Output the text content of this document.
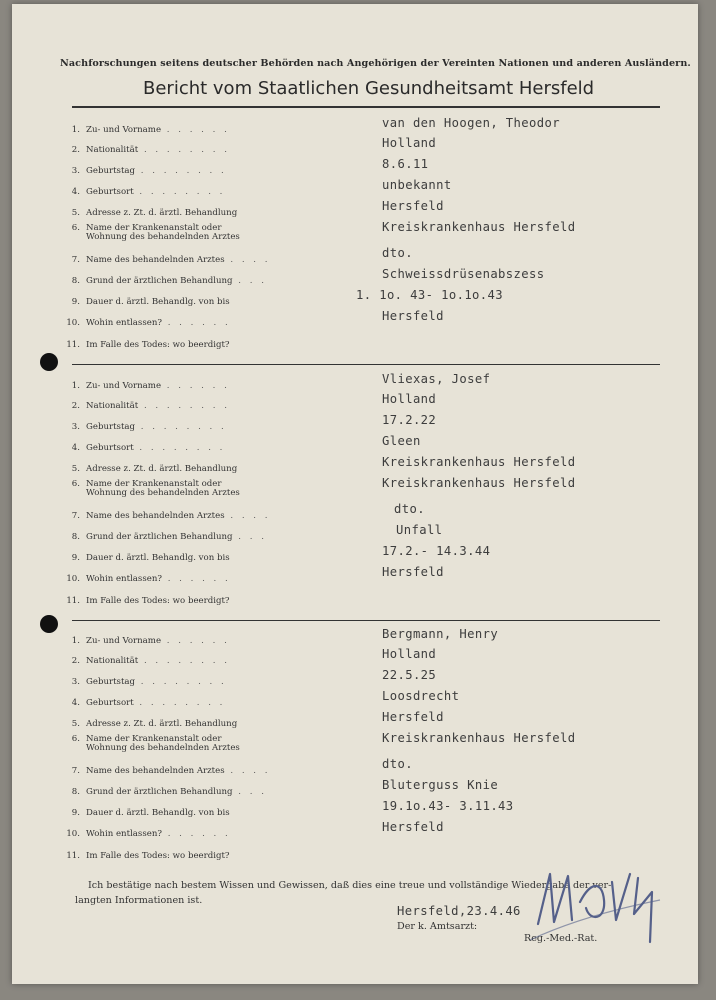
Nachforschungen seitens deutscher Behörden nach Angehörigen der Vereinten Nationen und anderen Ausländern.
Bericht vom Staatlichen Gesundheitsamt Hersfeld
1. Zu- und Vorname . . . . . .	van den Hoogen, Theodor
2. Nationalität . . . . . . . .	Holland
3. Geburtstag . . . . . . . .	8.6.11
4. Geburtsort . . . . . . . .	unbekannt
5. Adresse z. Zt. d. ärztl. Behandlung	Hersfeld
6. Name der Krankenanstalt oder
Wohnung des behandelnden Arztes
Kreiskrankenhaus Hersfeld
7. Name des behandelnden Arztes . . . .	dto.
8. Grund der ärztlichen Behandlung . . .	Schweissdrüsenabszess
9. Dauer d. ärztl. Behandlg. von bis	1. 1o. 43- 1o.1o.43
10. Wohin entlassen? . . . . . .	Hersfeld
11. Im Falle des Todes: wo beerdigt?
1. Zu- und Vorname . . . . . .	Vliexas, Josef
2. Nationalität . . . . . . . .	Holland
3. Geburtstag . . . . . . . .	17.2.22
4. Geburtsort . . . . . . . .	Gleen
5. Adresse z. Zt. d. ärztl. Behandlung	Kreiskrankenhaus Hersfeld
6. Name der Krankenanstalt oder
Wohnung des behandelnden Arztes
Kreiskrankenhaus Hersfeld
7. Name des behandelnden Arztes . . . .	dto.
8. Grund der ärztlichen Behandlung . . .	Unfall
9. Dauer d. ärztl. Behandlg. von bis	17.2.- 14.3.44
10. Wohin entlassen? . . . . . .	Hersfeld
11. Im Falle des Todes: wo beerdigt?
1. Zu- und Vorname . . . . . .	Bergmann, Henry
2. Nationalität . . . . . . . .	Holland
3. Geburtstag . . . . . . . .	22.5.25
4. Geburtsort . . . . . . . .	Loosdrecht
5. Adresse z. Zt. d. ärztl. Behandlung	Hersfeld
6. Name der Krankenanstalt oder
Wohnung des behandelnden Arztes
Kreiskrankenhaus Hersfeld
7. Name des behandelnden Arztes . . . .	dto.
8. Grund der ärztlichen Behandlung . . .	Bluterguss Knie
9. Dauer d. ärztl. Behandlg. von bis	19.1o.43- 3.11.43
10. Wohin entlassen? . . . . . .	Hersfeld
11. Im Falle des Todes: wo beerdigt?
Ich bestätige nach bestem Wissen und Gewissen, daß dies eine treue und vollständige Wiedergabe der ver-
langten Informationen ist.
Hersfeld,23.4.46
Der k. Amtsarzt:
Reg.-Med.-Rat.
